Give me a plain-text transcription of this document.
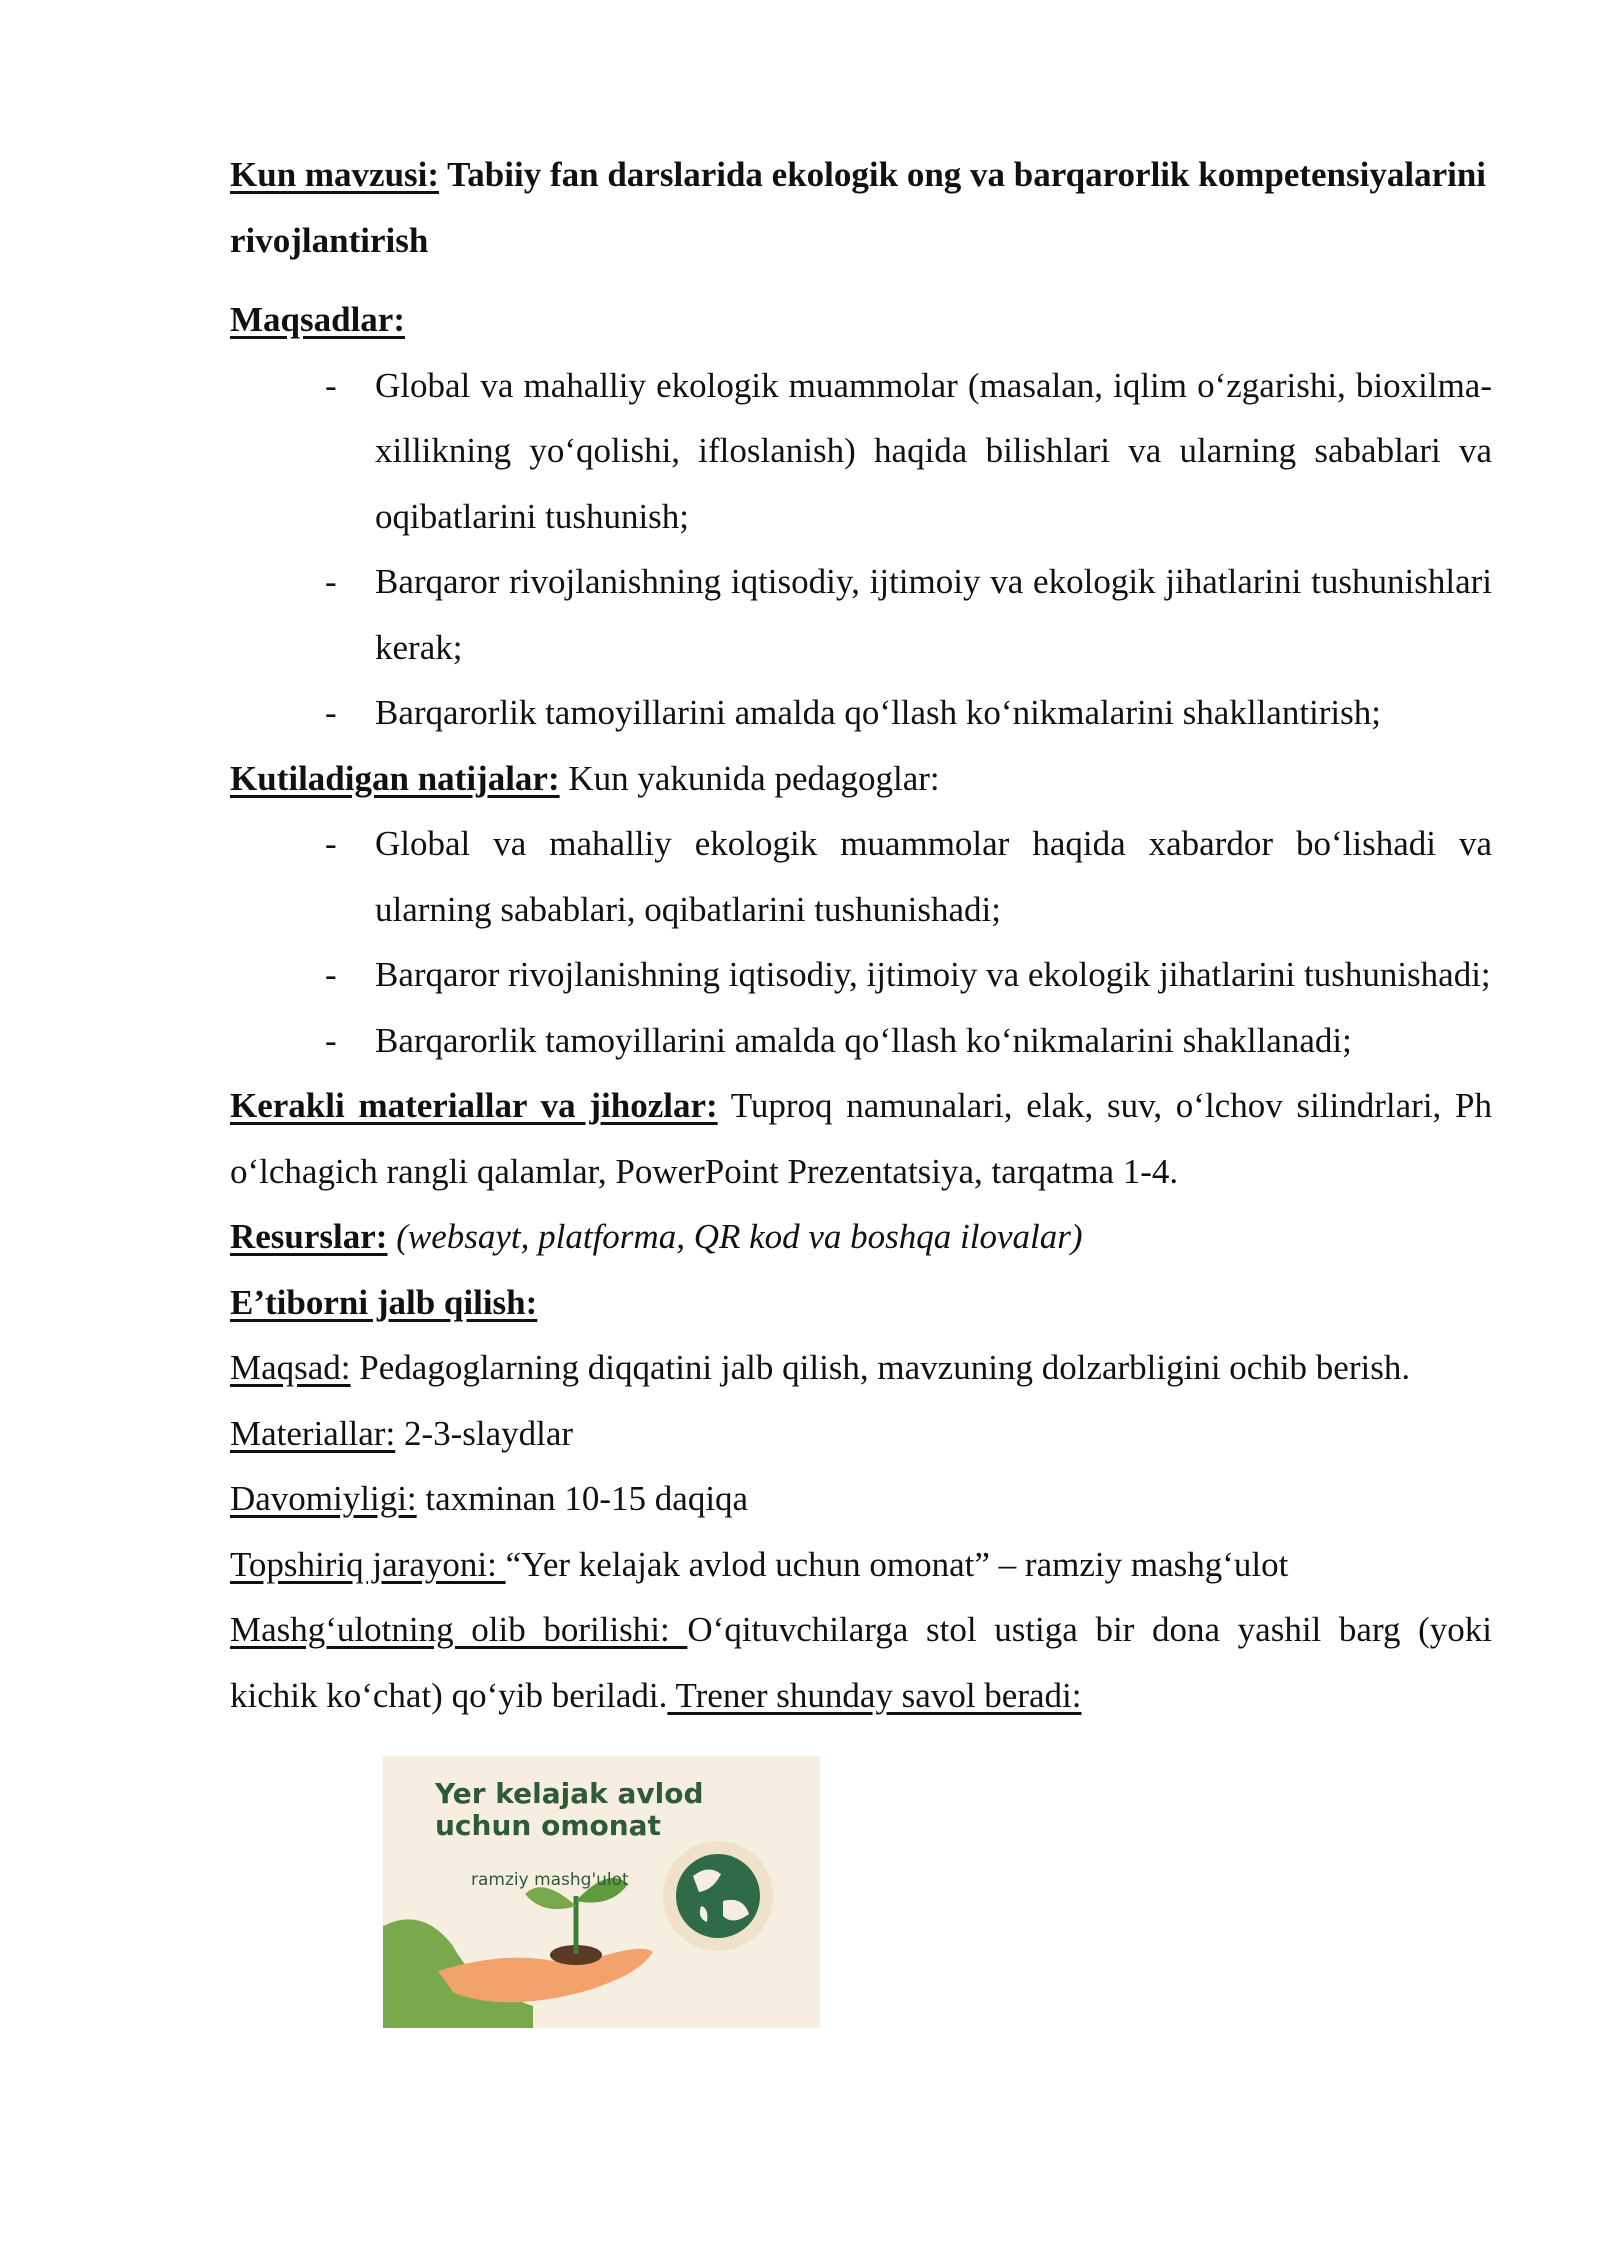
Kun mavzusi: Tabiiy fan darslarida ekologik ong va barqarorlik kompetensiyalarini rivojlantirish

Maqsadlar:

- Global va mahalliy ekologik muammolar (masalan, iqlim oʻzgarishi, bioxilma-xillikning yoʻqolishi, ifloslanish) haqida bilishlari va ularning sabablari va oqibatlarini tushunish;
- Barqaror rivojlanishning iqtisodiy, ijtimoiy va ekologik jihatlarini tushunishlari kerak;
- Barqarorlik tamoyillarini amalda qoʻllash koʻnikmalarini shakllantirish;

Kutiladigan natijalar: Kun yakunida pedagoglar:

- Global va mahalliy ekologik muammolar haqida xabardor boʻlishadi va ularning sabablari, oqibatlarini tushunishadi;
- Barqaror rivojlanishning iqtisodiy, ijtimoiy va ekologik jihatlarini tushunishadi;
- Barqarorlik tamoyillarini amalda qoʻllash koʻnikmalarini shakllanadi;

Kerakli materiallar va jihozlar: Tuproq namunalari, elak, suv, oʻlchov silindrlari, Ph oʻlchagich rangli qalamlar, PowerPoint Prezentatsiya, tarqatma 1-4.

Resurslar: (websayt, platforma, QR kod va boshqa ilovalar)

E’tiborni jalb qilish:

Maqsad: Pedagoglarning diqqatini jalb qilish, mavzuning dolzarbligini ochib berish.

Materiallar: 2-3-slaydlar

Davomiyligi: taxminan 10-15 daqiqa

Topshiriq jarayoni: “Yer kelajak avlod uchun omonat” – ramziy mashgʻulot

Mashgʻulotning olib borilishi: Oʻqituvchilarga stol ustiga bir dona yashil barg (yoki kichik koʻchat) qoʻyib beriladi. Trener shunday savol beradi:

Yer kelajak avlod
uchun omonat
ramziy mashg'ulot
